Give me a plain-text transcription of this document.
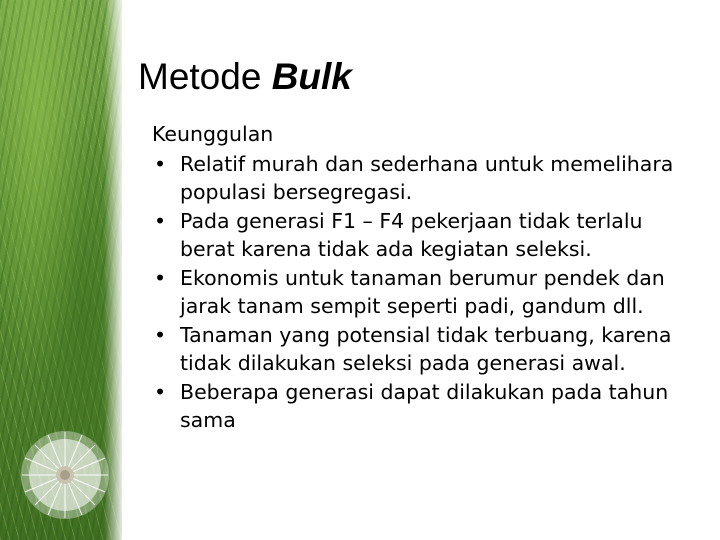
Metode Bulk

Keunggulan

• Relatif murah dan sederhana untuk memelihara populasi bersegregasi.
• Pada generasi F1 – F4 pekerjaan tidak terlalu berat karena tidak ada kegiatan seleksi.
• Ekonomis untuk tanaman berumur pendek dan jarak tanam sempit seperti padi, gandum dll.
• Tanaman yang potensial tidak terbuang, karena tidak dilakukan seleksi pada generasi awal.
• Beberapa generasi dapat dilakukan pada tahun sama
